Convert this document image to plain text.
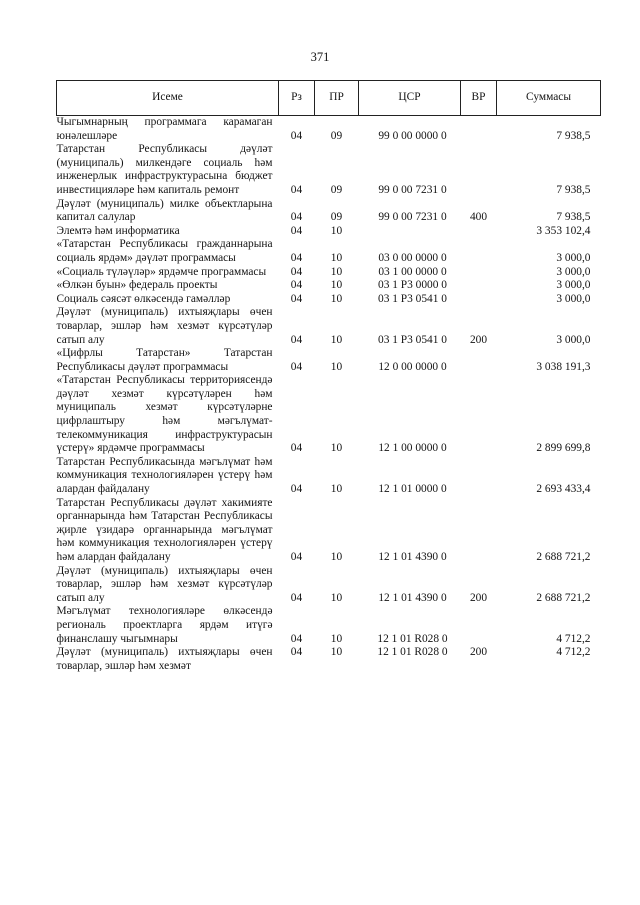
371
Исеме	Рз	ПР	ЦСР	ВР	Суммасы
Чыгымнарның программага карамаган юнәлешләре	04	09	99 0 00 0000 0		7 938,5
Татарстан Республикасы дәүләт (муниципаль) милкендәге социаль һәм инженерлык инфраструктурасына бюджет инвестицияләре һәм капиталь ремонт	04	09	99 0 00 7231 0		7 938,5
Дәүләт (муниципаль) милке объектларына капитал салулар	04	09	99 0 00 7231 0	400	7 938,5
Элемтә һәм информатика	04	10			3 353 102,4
«Татарстан Республикасы гражданнарына социаль ярдәм» дәүләт программасы	04	10	03 0 00 0000 0		3 000,0
«Социаль түләүләр» ярдәмче программасы	04	10	03 1 00 0000 0		3 000,0
«Өлкән буын» федераль проекты	04	10	03 1 P3 0000 0		3 000,0
Социаль сәясәт өлкәсендә гамәлләр	04	10	03 1 P3 0541 0		3 000,0
Дәүләт (муниципаль) ихтыяҗлары өчен товарлар, эшләр һәм хезмәт күрсәтүләр сатып алу	04	10	03 1 P3 0541 0	200	3 000,0
«Цифрлы Татарстан» Татарстан Республикасы дәүләт программасы	04	10	12 0 00 0000 0		3 038 191,3
«Татарстан Республикасы территориясендә дәүләт хезмәт күрсәтүләрен һәм муниципаль хезмәт күрсәтүләрне цифрлаштыру һәм мәгълүмат-телекоммуникация инфраструктурасын үстерү» ярдәмче программасы	04	10	12 1 00 0000 0		2 899 699,8
Татарстан Республикасында мәгълүмат һәм коммуникация технологияләрен үстерү һәм алардан файдалану	04	10	12 1 01 0000 0		2 693 433,4
Татарстан Республикасы дәүләт хакимияте органнарында һәм Татарстан Республикасы җирле үзидарә органнарында мәгълүмат һәм коммуникация технологияләрен үстерү һәм алардан файдалану	04	10	12 1 01 4390 0		2 688 721,2
Дәүләт (муниципаль) ихтыяҗлары өчен товарлар, эшләр һәм хезмәт күрсәтүләр сатып алу	04	10	12 1 01 4390 0	200	2 688 721,2
Мәгълүмат технологияләре өлкәсендә региональ проектларга ярдәм итүгә финанслашу чыгымнары	04	10	12 1 01 R028 0		4 712,2
Дәүләт (муниципаль) ихтыяҗлары өчен товарлар, эшләр һәм хезмәт	04	10	12 1 01 R028 0	200	4 712,2
